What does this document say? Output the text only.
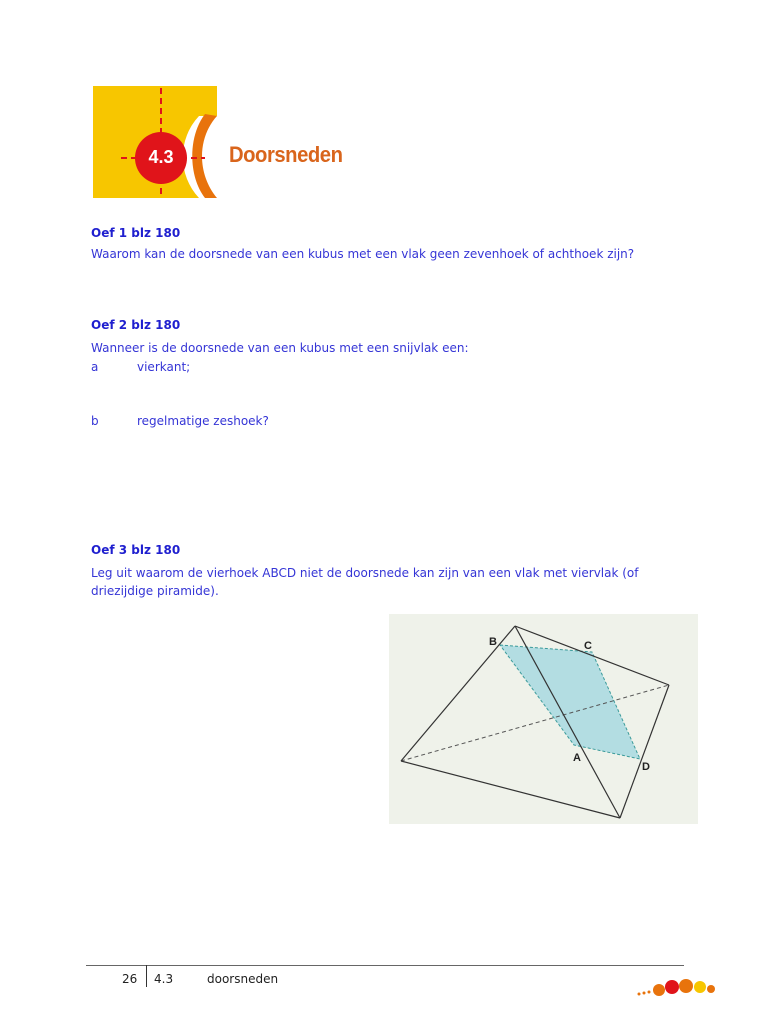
4.3	Doorsneden
Oef 1 blz 180
Waarom kan de doorsnede van een kubus met een vlak geen zevenhoek of achthoek zijn?
Oef 2 blz 180
Wanneer is de doorsnede van een kubus met een snijvlak een:
a	vierkant;
b	regelmatige zeshoek?
Oef 3 blz 180
Leg uit waarom de vierhoek ABCD niet de doorsnede kan zijn van een vlak met viervlak (of driezijdige piramide).
B	C
A
D
26 4.3	doorsneden
